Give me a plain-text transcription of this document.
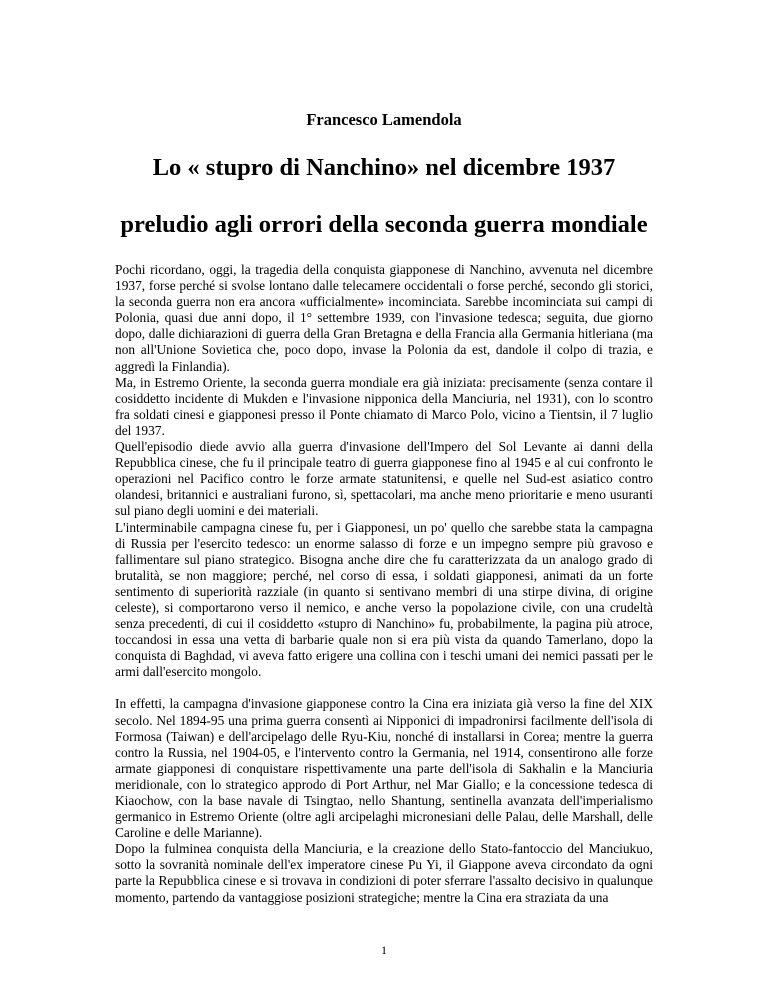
Francesco Lamendola
Lo « stupro di Nanchino» nel dicembre 1937
preludio agli orrori della seconda guerra mondiale

Pochi ricordano, oggi, la tragedia della conquista giapponese di Nanchino, avvenuta nel dicembre 1937, forse perché si svolse lontano dalle telecamere occidentali o forse perché, secondo gli storici, la seconda guerra non era ancora «ufficialmente» incominciata. Sarebbe incominciata sui campi di Polonia, quasi due anni dopo, il 1° settembre 1939, con l'invasione tedesca; seguita, due giorno dopo, dalle dichiarazioni di guerra della Gran Bretagna e della Francia alla Germania hitleriana (ma non all'Unione Sovietica che, poco dopo, invase la Polonia da est, dandole il colpo di trazia, e aggredì la Finlandia).

Ma, in Estremo Oriente, la seconda guerra mondiale era già iniziata: precisamente (senza contare il cosiddetto incidente di Mukden e l'invasione nipponica della Manciuria, nel 1931), con lo scontro fra soldati cinesi e giapponesi presso il Ponte chiamato di Marco Polo, vicino a Tientsin, il 7 luglio del 1937.

Quell'episodio diede avvio alla guerra d'invasione dell'Impero del Sol Levante ai danni della Repubblica cinese, che fu il principale teatro di guerra giapponese fino al 1945 e al cui confronto le operazioni nel Pacifico contro le forze armate statunitensi, e quelle nel Sud-est asiatico contro olandesi, britannici e australiani furono, sì, spettacolari, ma anche meno prioritarie e meno usuranti sul piano degli uomini e dei materiali.

L'interminabile campagna cinese fu, per i Giapponesi, un po' quello che sarebbe stata la campagna di Russia per l'esercito tedesco: un enorme salasso di forze e un impegno sempre più gravoso e fallimentare sul piano strategico. Bisogna anche dire che fu caratterizzata da un analogo grado di brutalità, se non maggiore; perché, nel corso di essa, i soldati giapponesi, animati da un forte sentimento di superiorità razziale (in quanto si sentivano membri di una stirpe divina, di origine celeste), si comportarono verso il nemico, e anche verso la popolazione civile, con una crudeltà senza precedenti, di cui il cosiddetto «stupro di Nanchino» fu, probabilmente, la pagina più atroce, toccandosi in essa una vetta di barbarie quale non si era più vista da quando Tamerlano, dopo la conquista di Baghdad, vi aveva fatto erigere una collina con i teschi umani dei nemici passati per le armi dall'esercito mongolo.

In effetti, la campagna d'invasione giapponese contro la Cina era iniziata già verso la fine del XIX secolo. Nel 1894-95 una prima guerra consentì ai Nipponici di impadronirsi facilmente dell'isola di Formosa (Taiwan) e dell'arcipelago delle Ryu-Kiu, nonché di installarsi in Corea; mentre la guerra contro la Russia, nel 1904-05, e l'intervento contro la Germania, nel 1914, consentirono alle forze armate giapponesi di conquistare rispettivamente una parte dell'isola di Sakhalin e la Manciuria meridionale, con lo strategico approdo di Port Arthur, nel Mar Giallo; e la concessione tedesca di Kiaochow, con la base navale di Tsingtao, nello Shantung, sentinella avanzata dell'imperialismo germanico in Estremo Oriente (oltre agli arcipelaghi micronesiani delle Palau, delle Marshall, delle Caroline e delle Marianne).

Dopo la fulminea conquista della Manciuria, e la creazione dello Stato-fantoccio del Manciukuo, sotto la sovranità nominale dell'ex imperatore cinese Pu Yi, il Giappone aveva circondato da ogni parte la Repubblica cinese e si trovava in condizioni di poter sferrare l'assalto decisivo in qualunque momento, partendo da vantaggiose posizioni strategiche; mentre la Cina era straziata da una

1
